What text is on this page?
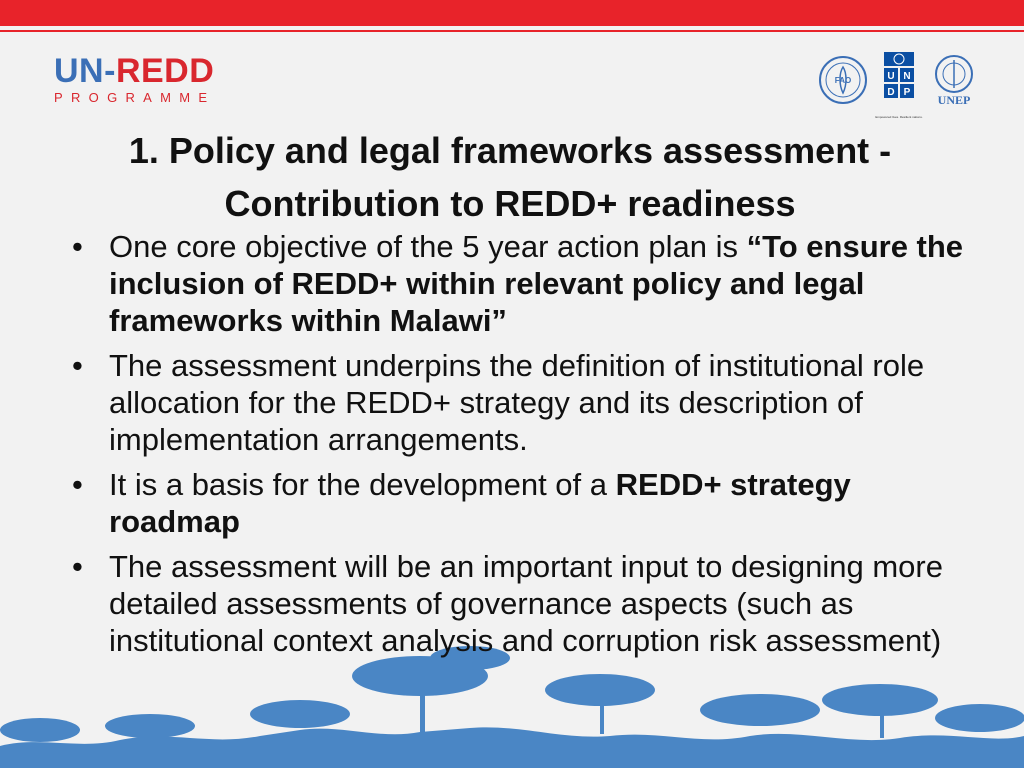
UN-REDD
PROGRAMME
FAO	U N
D P
Empowered lives. Resilient nations.
UNEP
1. Policy and legal frameworks assessment -
Contribution to REDD+ readiness
• One core objective of the 5 year action plan is “To ensure the inclusion of REDD+ within relevant policy and legal frameworks within Malawi”
• The assessment underpins the definition of institutional role allocation for the REDD+ strategy and its description of implementation arrangements.
• It is a basis for the development of a REDD+ strategy roadmap
• The assessment will be an important input to designing more detailed assessments of governance aspects (such as institutional context analysis and corruption risk assessment)
